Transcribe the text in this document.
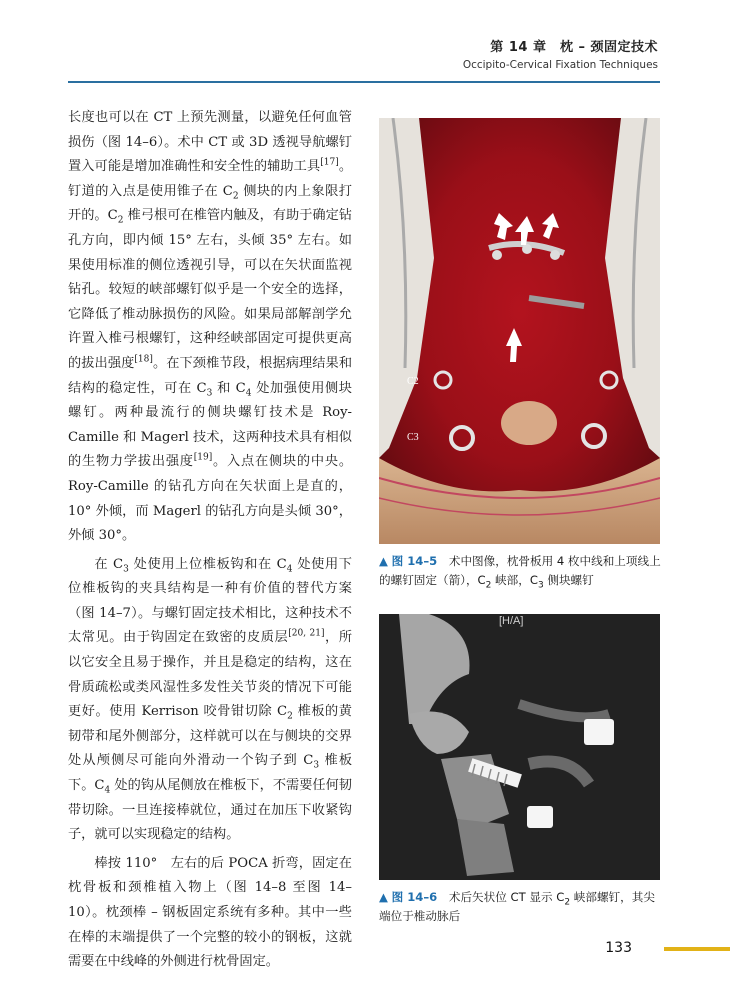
第 14 章　枕 – 颈固定技术
Occipito-Cervical Fixation Techniques

长度也可以在 CT 上预先测量，以避免任何血管损伤（图 14–6）。术中 CT 或 3D 透视导航螺钉置入可能是增加准确性和安全性的辅助工具[17]。钉道的入点是使用锥子在 $C_2$ 侧块的内上象限打开的。$C_2$ 椎弓根可在椎管内触及，有助于确定钻孔方向，即内倾 15° 左右，头倾 35° 左右。如果使用标准的侧位透视引导，可以在矢状面监视钻孔。较短的峡部螺钉似乎是一个安全的选择，它降低了椎动脉损伤的风险。如果局部解剖学允许置入椎弓根螺钉，这种经峡部固定可提供更高的拔出强度[18]。在下颈椎节段，根据病理结果和结构的稳定性，可在 $C_3$ 和 $C_4$ 处加强使用侧块螺钉。两种最流行的侧块螺钉技术是 Roy-Camille 和 Magerl 技术，这两种技术具有相似的生物力学拔出强度[19]。入点在侧块的中央。Roy-Camille 的钻孔方向在矢状面上是直的，10° 外倾，而 Magerl 的钻孔方向是头倾 30°，外倾 30°。

在 $C_3$ 处使用上位椎板钩和在 $C_4$ 处使用下位椎板钩的夹具结构是一种有价值的替代方案（图 14–7）。与螺钉固定技术相比，这种技术不太常见。由于钩固定在致密的皮质层[20, 21]，所以它安全且易于操作，并且是稳定的结构，这在骨质疏松或类风湿性多发性关节炎的情况下可能更好。使用 Kerrison 咬骨钳切除 $C_2$ 椎板的黄韧带和尾外侧部分，这样就可以在与侧块的交界处从颅侧尽可能向外滑动一个钩子到 $C_3$ 椎板下。$C_4$ 处的钩从尾侧放在椎板下，不需要任何韧带切除。一旦连接棒就位，通过在加压下收紧钩子，就可以实现稳定的结构。

棒按 110°　左右的后 POCA 折弯，固定在枕骨板和颈椎植入物上（图 14–8 至图 14–10）。枕颈棒 – 钢板固定系统有多种。其中一些在棒的末端提供了一个完整的较小的钢板，这就需要在中线峰的外侧进行枕骨固定。

C2
C3
▲ 图 14–5　术中图像，枕骨板用 4 枚中线和上项线上的螺钉固定（箭），$C_2$ 峡部，$C_3$ 侧块螺钉
[H/A]
▲ 图 14–6　术后矢状位 CT 显示 $C_2$ 峡部螺钉，其尖端位于椎动脉后
133
